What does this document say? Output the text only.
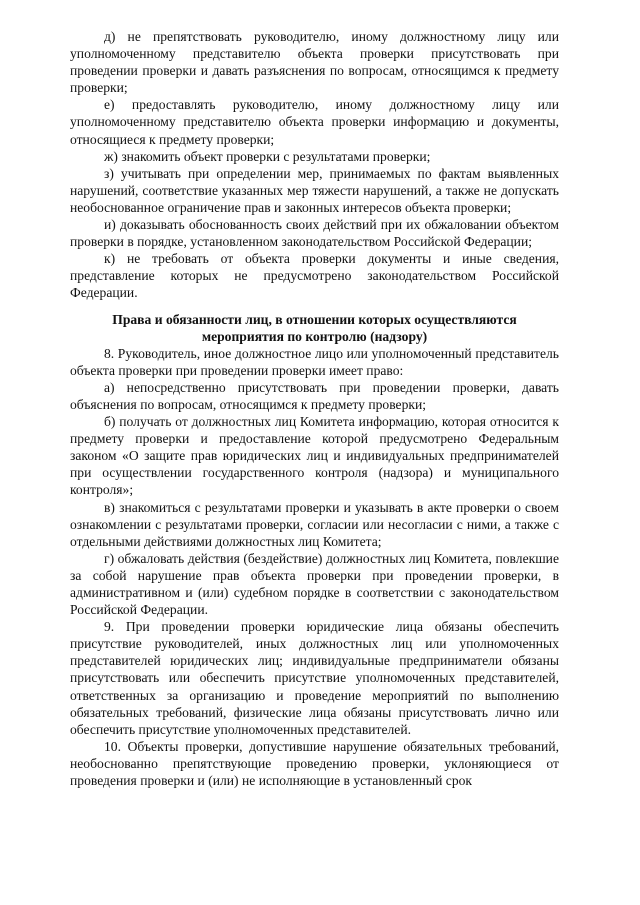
д) не препятствовать руководителю, иному должностному лицу или уполномоченному представителю объекта проверки присутствовать при проведении проверки и давать разъяснения по вопросам, относящимся к предмету проверки;

е) предоставлять руководителю, иному должностному лицу или уполномоченному представителю объекта проверки информацию и документы, относящиеся к предмету проверки;

ж) знакомить объект проверки с результатами проверки;

з) учитывать при определении мер, принимаемых по фактам выявленных нарушений, соответствие указанных мер тяжести нарушений, а также не допускать необоснованное ограничение прав и законных интересов объекта проверки;

и) доказывать обоснованность своих действий при их обжаловании объектом проверки в порядке, установленном законодательством Российской Федерации;

к) не требовать от объекта проверки документы и иные сведения, представление которых не предусмотрено законодательством Российской Федерации.

Права и обязанности лиц, в отношении которых осуществляются мероприятия по контролю (надзору)

8. Руководитель, иное должностное лицо или уполномоченный представитель объекта проверки при проведении проверки имеет право:

а) непосредственно присутствовать при проведении проверки, давать объяснения по вопросам, относящимся к предмету проверки;

б) получать от должностных лиц Комитета информацию, которая относится к предмету проверки и предоставление которой предусмотрено Федеральным законом «О защите прав юридических лиц и индивидуальных предпринимателей при осуществлении государственного контроля (надзора) и муниципального контроля»;

в) знакомиться с результатами проверки и указывать в акте проверки о своем ознакомлении с результатами проверки, согласии или несогласии с ними, а также с отдельными действиями должностных лиц Комитета;

г) обжаловать действия (бездействие) должностных лиц Комитета, повлекшие за собой нарушение прав объекта проверки при проведении проверки, в административном и (или) судебном порядке в соответствии с законодательством Российской Федерации.

9. При проведении проверки юридические лица обязаны обеспечить присутствие руководителей, иных должностных лиц или уполномоченных представителей юридических лиц; индивидуальные предприниматели обязаны присутствовать или обеспечить присутствие уполномоченных представителей, ответственных за организацию и проведение мероприятий по выполнению обязательных требований, физические лица обязаны присутствовать лично или обеспечить присутствие уполномоченных представителей.

10. Объекты проверки, допустившие нарушение обязательных требований, необоснованно препятствующие проведению проверки, уклоняющиеся от проведения проверки и (или) не исполняющие в установленный срок
